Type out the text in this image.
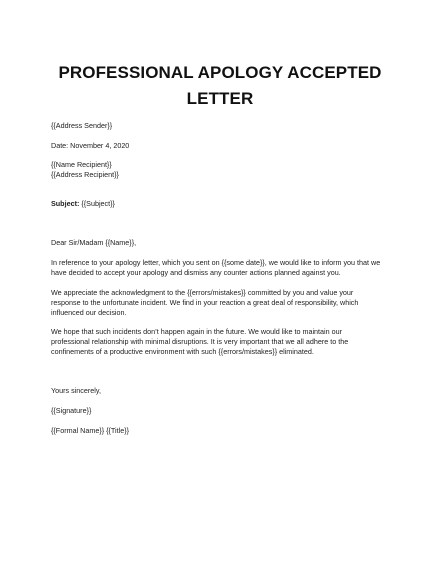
PROFESSIONAL APOLOGY ACCEPTED
LETTER
{{Address Sender}}
Date: November 4, 2020
{{Name Recipient}}
{{Address Recipient}}
Subject: {{Subject}}
Dear Sir/Madam {{Name}},
In reference to your apology letter, which you sent on {{some date}}, we would like to inform you that we
have decided to accept your apology and dismiss any counter actions planned against you.
We appreciate the acknowledgment to the {{errors/mistakes}} committed by you and value your
response to the unfortunate incident. We find in your reaction a great deal of responsibility, which
influenced our decision.
We hope that such incidents don’t happen again in the future. We would like to maintain our
professional relationship with minimal disruptions. It is very important that we all adhere to the
confinements of a productive environment with such {{errors/mistakes}} eliminated.
Yours sincerely,
{{Signature}}
{{Formal Name}} {{Title}}
